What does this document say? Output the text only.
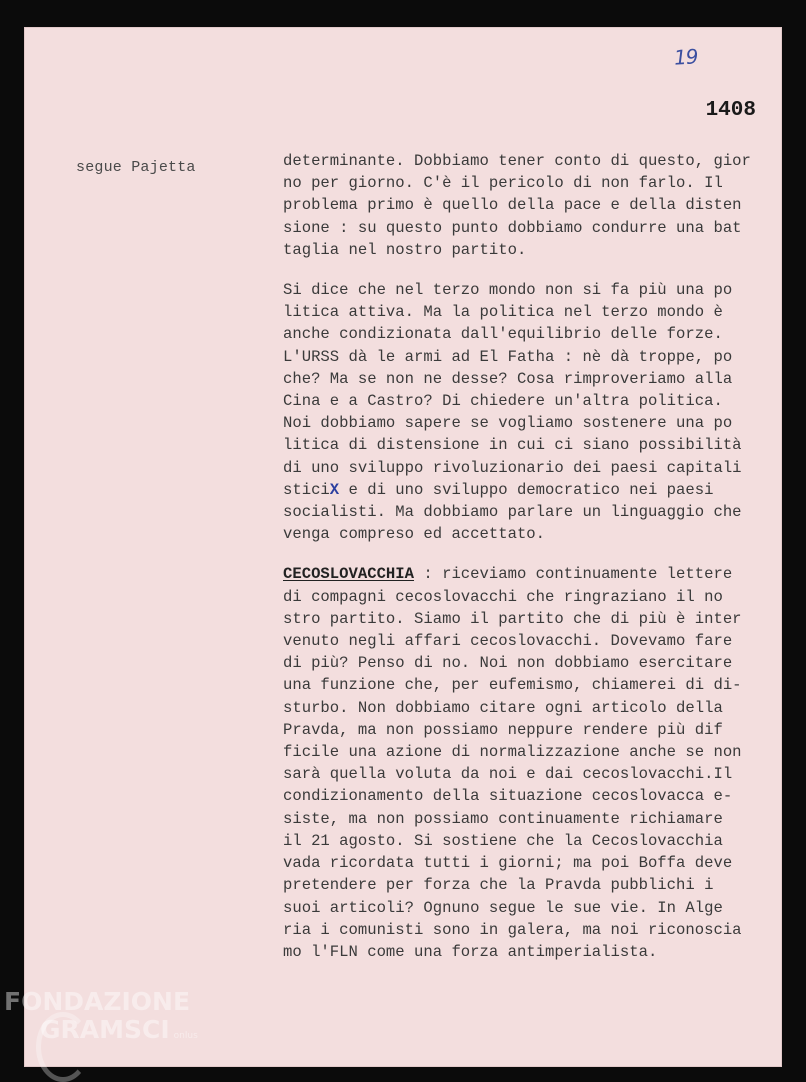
19
1408
segue Pajetta	determinante. Dobbiamo tener conto di questo, gior
no per giorno. C'è il pericolo di non farlo. Il
problema primo è quello della pace e della disten
sione : su questo punto dobbiamo condurre una bat
taglia nel nostro partito.

Si dice che nel terzo mondo non si fa più una po
litica attiva. Ma la politica nel terzo mondo è
anche condizionata dall'equilibrio delle forze.
L'URSS dà le armi ad El Fatha : nè dà troppe, po
che? Ma se non ne desse? Cosa rimproveriamo alla
Cina e a Castro? Di chiedere un'altra politica.
Noi dobbiamo sapere se vogliamo sostenere una po
litica di distensione in cui ci siano possibilità
di uno sviluppo rivoluzionario dei paesi capitali
sticiX e di uno sviluppo democratico nei paesi
socialisti. Ma dobbiamo parlare un linguaggio che
venga compreso ed accettato.

CECOSLOVACCHIA : riceviamo continuamente lettere
di compagni cecoslovacchi che ringraziano il no
stro partito. Siamo il partito che di più è inter
venuto negli affari cecoslovacchi. Dovevamo fare
di più? Penso di no. Noi non dobbiamo esercitare
una funzione che, per eufemismo, chiamerei di di-
sturbo. Non dobbiamo citare ogni articolo della
Pravda, ma non possiamo neppure rendere più dif
ficile una azione di normalizzazione anche se non
sarà quella voluta da noi e dai cecoslovacchi.Il
condizionamento della situazione cecoslovacca e-
siste, ma non possiamo continuamente richiamare
il 21 agosto. Si sostiene che la Cecoslovacchia
vada ricordata tutti i giorni; ma poi Boffa deve
pretendere per forza che la Pravda pubblichi i
suoi articoli? Ognuno segue le sue vie. In Alge
ria i comunisti sono in galera, ma noi riconoscia
mo l'FLN come una forza antimperialista.

FONDAZIONE
GRAMSCI onlus
